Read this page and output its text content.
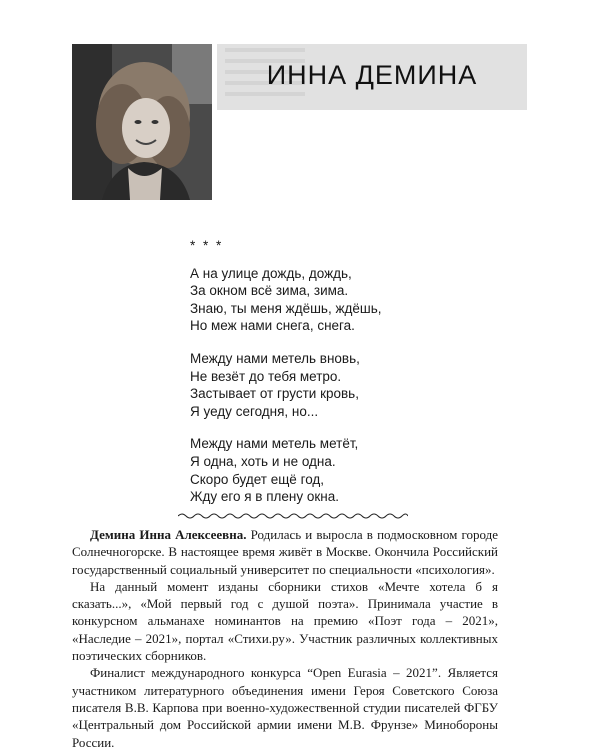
ИННА ДЕМИНА
* * *
А на улице дождь, дождь,
За окном всё зима, зима.
Знаю, ты меня ждёшь, ждёшь,
Но меж нами снега, снега.
Между нами метель вновь,
Не везёт до тебя метро.
Застывает от грусти кровь,
Я уеду сегодня, но...
Между нами метель метёт,
Я одна, хоть и не одна.
Скоро будет ещё год,
Жду его я в плену окна.

Демина Инна Алексеевна. Родилась и выросла в подмосковном городе Солнечногорске. В настоящее время живёт в Москве. Окончила Российский государственный социальный университет по специальности «психология».

На данный момент изданы сборники стихов «Мечте хотела б я сказать...», «Мой первый год с душой поэта». Принимала участие в конкурсном альманахе номинантов на премию «Поэт года – 2021», «Наследие – 2021», портал «Стихи.ру». Участник различных коллективных поэтических сборников.

Финалист международного конкурса “Open Eurasia – 2021”. Является участником литературного объединения имени Героя Советского Союза писателя В.В. Карпова при военно-художественной студии писателей ФГБУ «Центральный дом Российской армии имени М.В. Фрунзе» Минобороны России.
